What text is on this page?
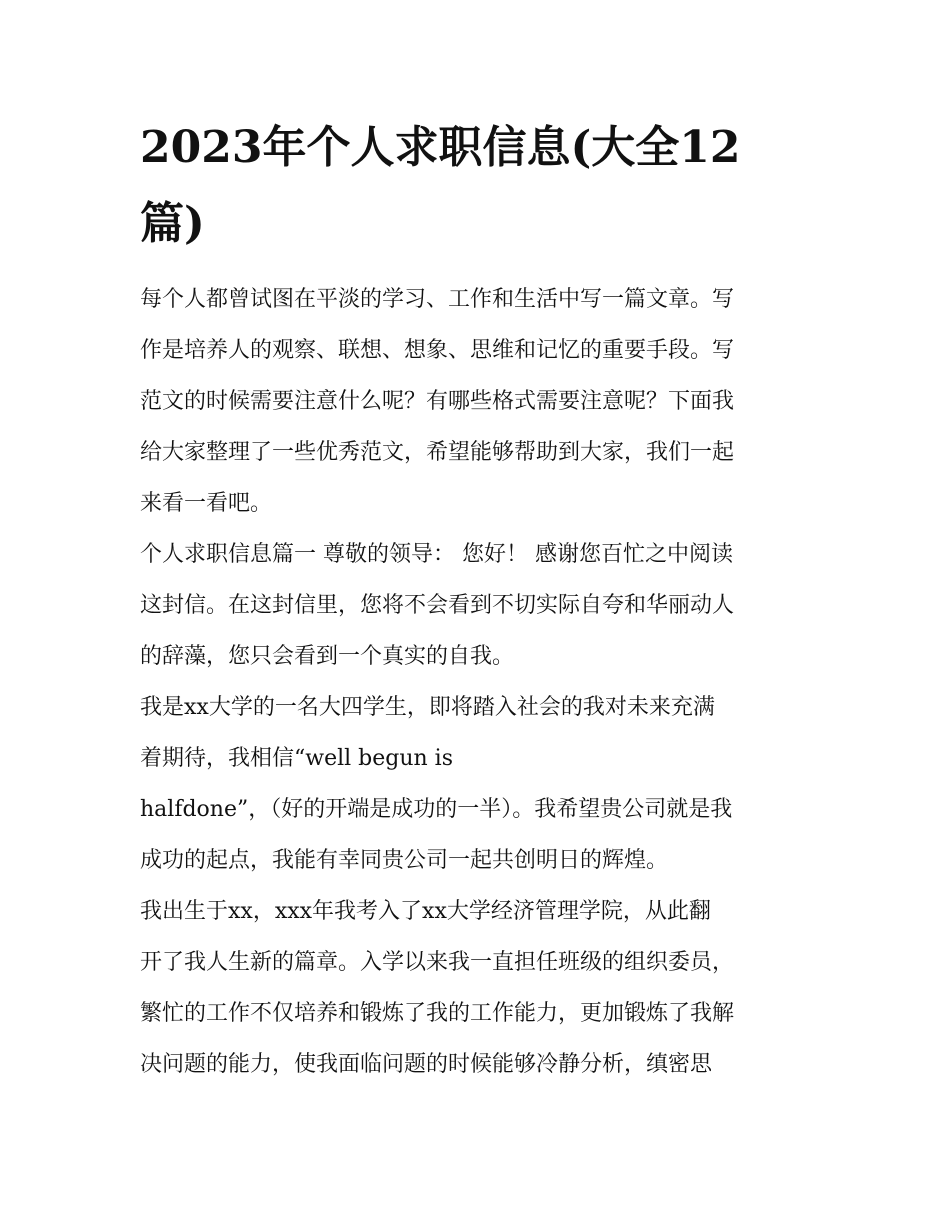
2023年个人求职信息(大全12
篇)

每个人都曾试图在平淡的学习、工作和生活中写一篇文章。写

作是培养人的观察、联想、想象、思维和记忆的重要手段。写

范文的时候需要注意什么呢？有哪些格式需要注意呢？下面我

给大家整理了一些优秀范文，希望能够帮助到大家，我们一起

来看一看吧。

个人求职信息篇一 尊敬的领导： 您好！ 感谢您百忙之中阅读

这封信。在这封信里，您将不会看到不切实际自夸和华丽动人

的辞藻，您只会看到一个真实的自我。

我是xx大学的一名大四学生，即将踏入社会的我对未来充满

着期待，我相信“well begun is

halfdone”，（好的开端是成功的一半）。我希望贵公司就是我

成功的起点，我能有幸同贵公司一起共创明日的辉煌。

我出生于xx，xxx年我考入了xx大学经济管理学院，从此翻

开了我人生新的篇章。入学以来我一直担任班级的组织委员，

繁忙的工作不仅培养和锻炼了我的工作能力，更加锻炼了我解

决问题的能力，使我面临问题的时候能够冷静分析，缜密思
